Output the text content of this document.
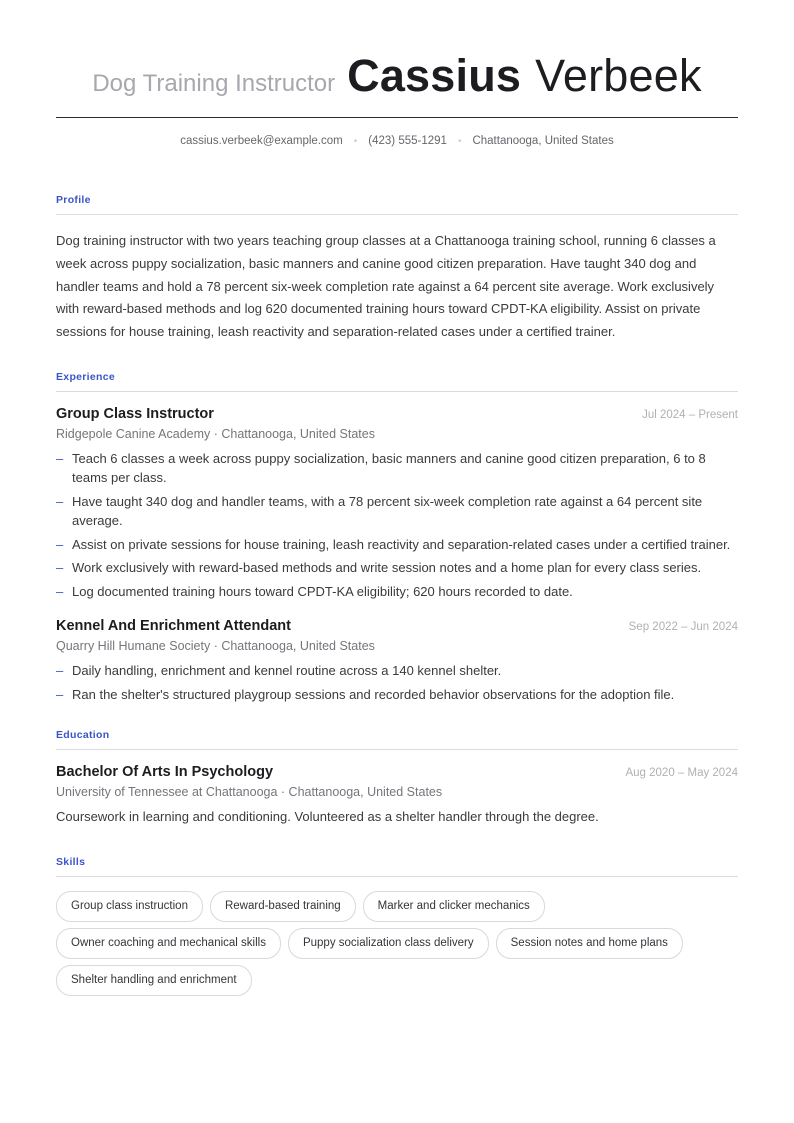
Dog Training Instructor Cassius Verbeek
cassius.verbeek@example.com • (423) 555-1291 • Chattanooga, United States
Profile
Dog training instructor with two years teaching group classes at a Chattanooga training school, running 6 classes a week across puppy socialization, basic manners and canine good citizen preparation. Have taught 340 dog and handler teams and hold a 78 percent six-week completion rate against a 64 percent site average. Work exclusively with reward-based methods and log 620 documented training hours toward CPDT-KA eligibility. Assist on private sessions for house training, leash reactivity and separation-related cases under a certified trainer.
Experience
Group Class Instructor	Jul 2024 – Present
Ridgepole Canine Academy · Chattanooga, United States
– Teach 6 classes a week across puppy socialization, basic manners and canine good citizen preparation, 6 to 8 teams per class.
– Have taught 340 dog and handler teams, with a 78 percent six-week completion rate against a 64 percent site average.
– Assist on private sessions for house training, leash reactivity and separation-related cases under a certified trainer.
– Work exclusively with reward-based methods and write session notes and a home plan for every class series.
– Log documented training hours toward CPDT-KA eligibility; 620 hours recorded to date.
Kennel And Enrichment Attendant	Sep 2022 – Jun 2024
Quarry Hill Humane Society · Chattanooga, United States
– Daily handling, enrichment and kennel routine across a 140 kennel shelter.
– Ran the shelter's structured playgroup sessions and recorded behavior observations for the adoption file.
Education
Bachelor Of Arts In Psychology	Aug 2020 – May 2024
University of Tennessee at Chattanooga · Chattanooga, United States
Coursework in learning and conditioning. Volunteered as a shelter handler through the degree.
Skills
Group class instruction	Reward-based training	Marker and clicker mechanics
Owner coaching and mechanical skills	Puppy socialization class delivery	Session notes and home plans
Shelter handling and enrichment
